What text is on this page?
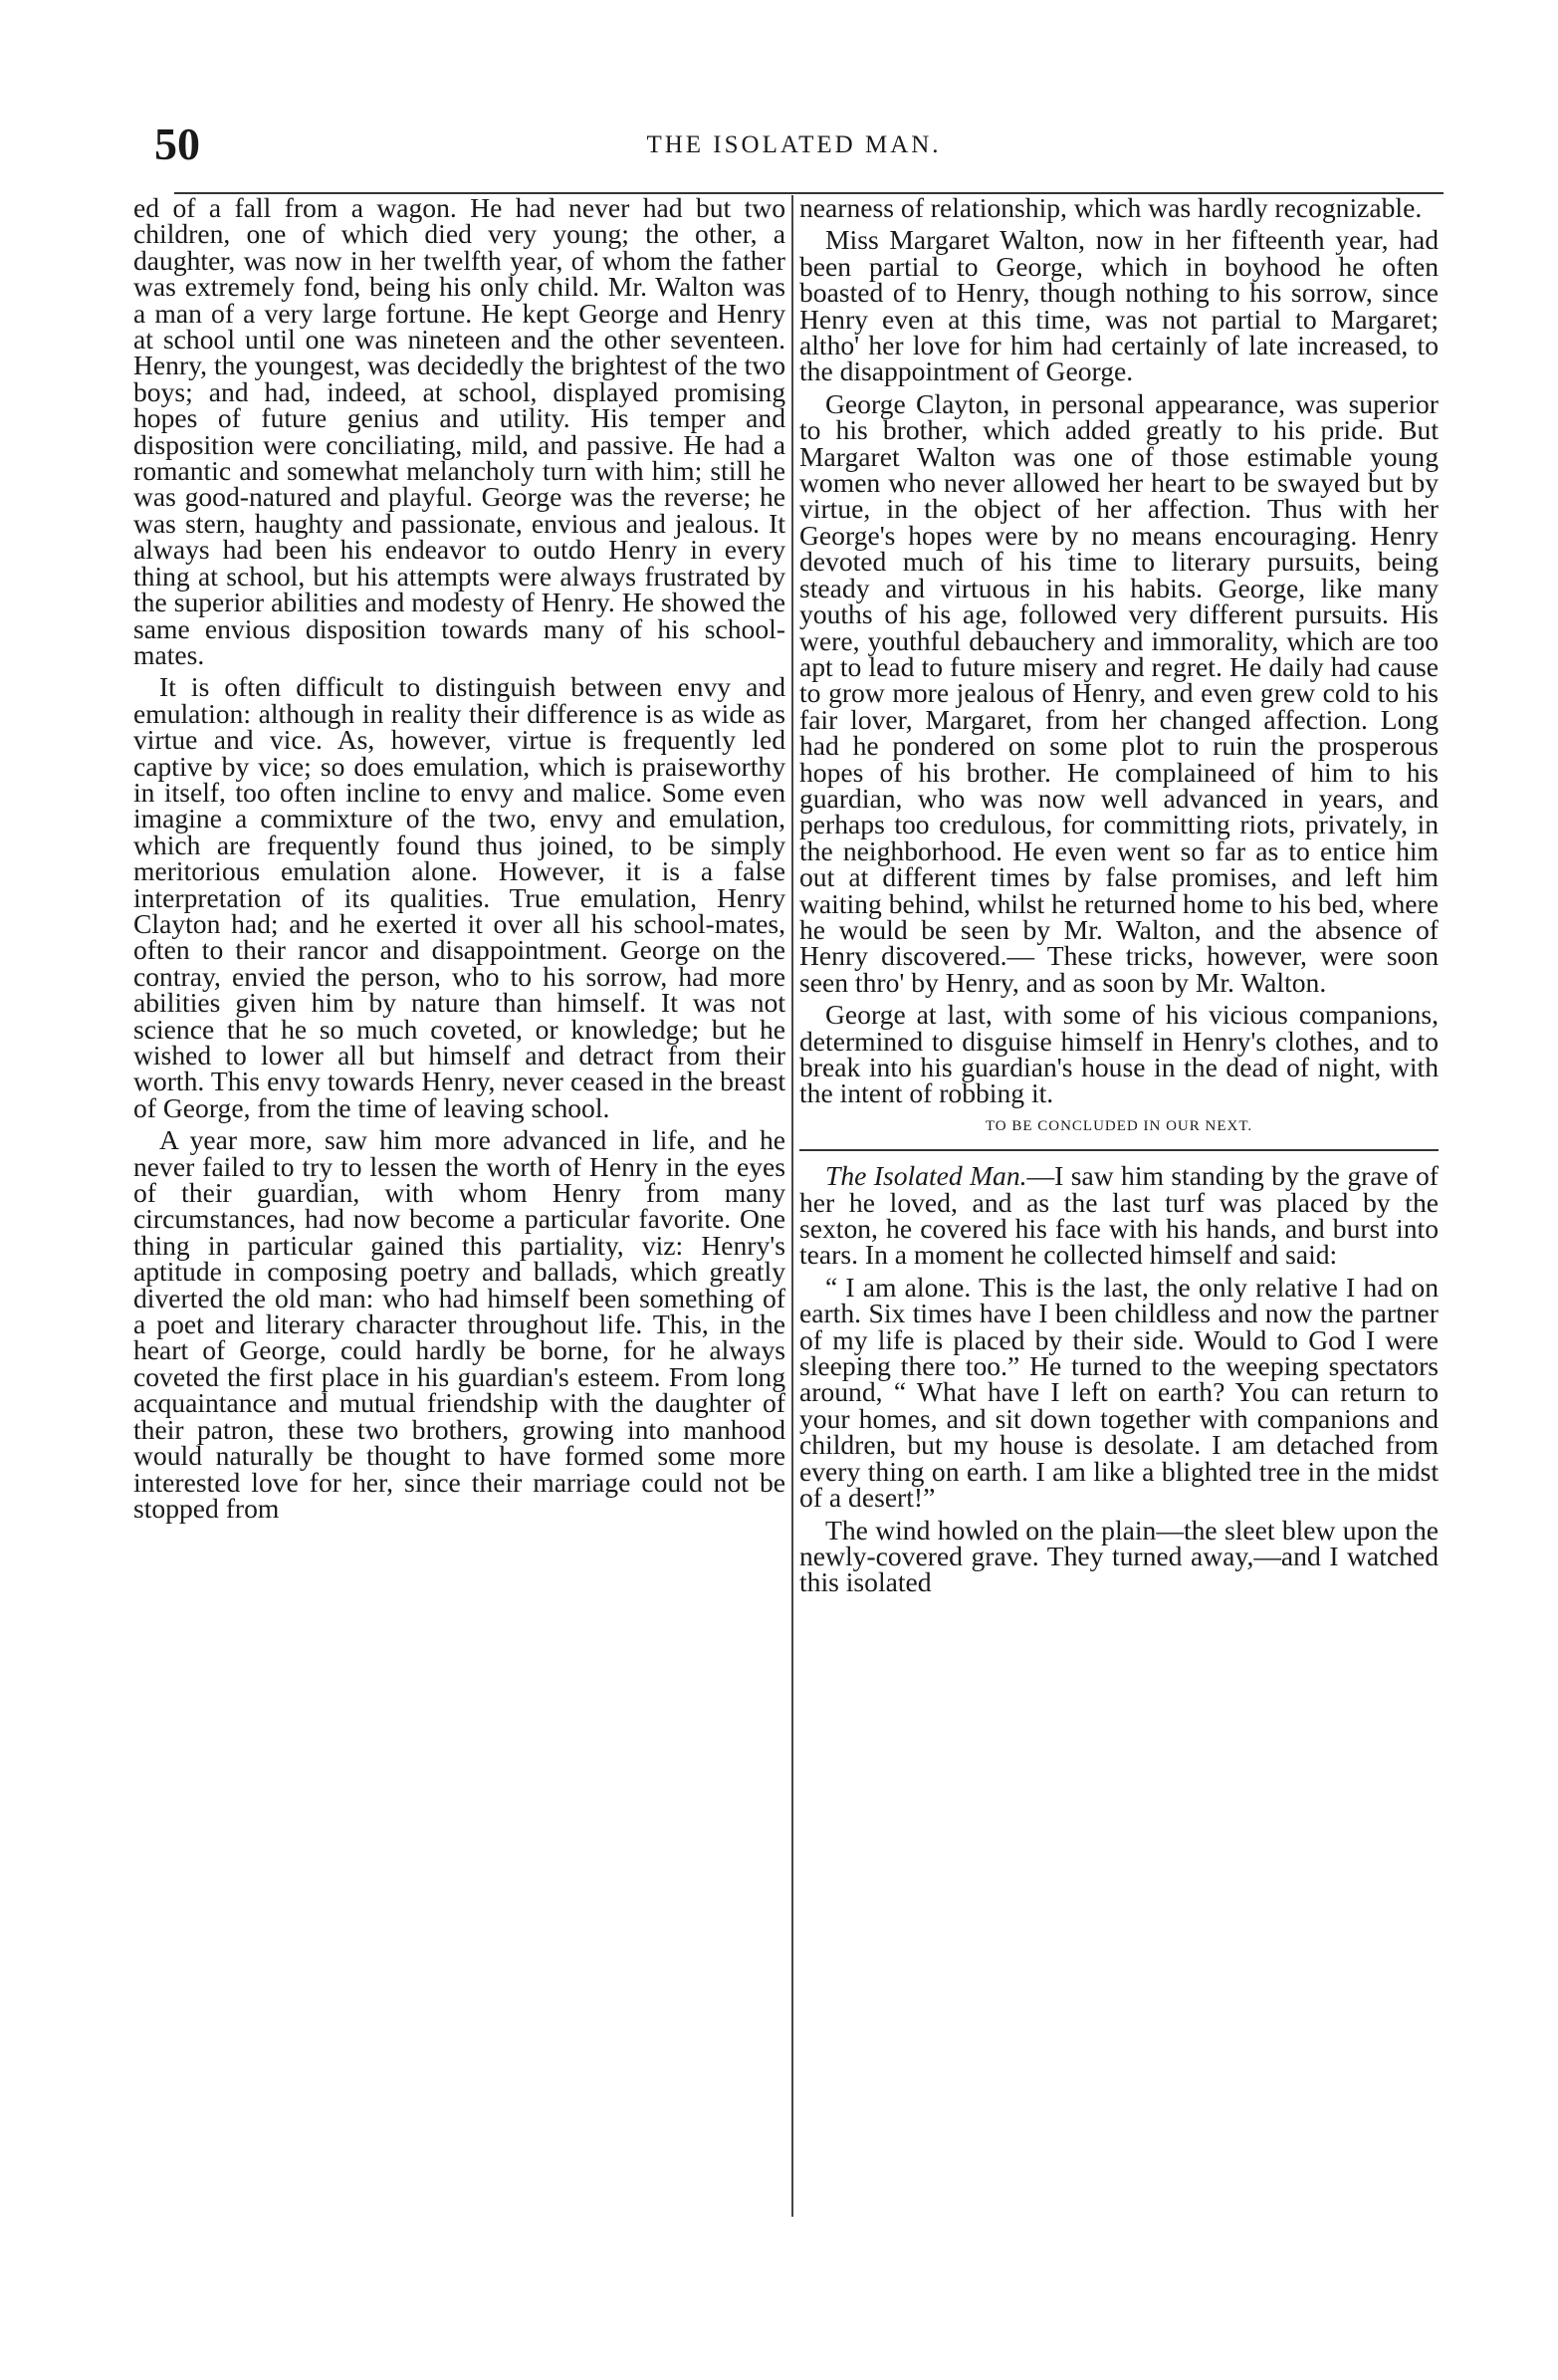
50	THE ISOLATED MAN.

ed of a fall from a wagon. He had never had but two children, one of which died very young; the other, a daughter, was now in her twelfth year, of whom the father was extremely fond, being his only child. Mr. Walton was a man of a very large fortune. He kept George and Henry at school until one was nineteen and the other seventeen. Henry, the youngest, was decidedly the brightest of the two boys; and had, indeed, at school, displayed promising hopes of future genius and utility. His temper and disposition were conciliating, mild, and passive. He had a romantic and somewhat melancholy turn with him; still he was good-natured and playful. George was the reverse; he was stern, haughty and passionate, envious and jealous. It always had been his endeavor to outdo Henry in every thing at school, but his attempts were always frustrated by the superior abilities and modesty of Henry. He showed the same envious disposition towards many of his school-mates.

It is often difficult to distinguish between envy and emulation: although in reality their difference is as wide as virtue and vice. As, however, virtue is frequently led captive by vice; so does emulation, which is praiseworthy in itself, too often incline to envy and malice. Some even imagine a commixture of the two, envy and emulation, which are frequently found thus joined, to be simply meritorious emulation alone. However, it is a false interpretation of its qualities. True emulation, Henry Clayton had; and he exerted it over all his school-mates, often to their rancor and disappointment. George on the contray, envied the person, who to his sorrow, had more abilities given him by nature than himself. It was not science that he so much coveted, or knowledge; but he wished to lower all but himself and detract from their worth. This envy towards Henry, never ceased in the breast of George, from the time of leaving school.

A year more, saw him more advanced in life, and he never failed to try to lessen the worth of Henry in the eyes of their guardian, with whom Henry from many circumstances, had now become a particular favorite. One thing in particular gained this partiality, viz: Henry's aptitude in composing poetry and ballads, which greatly diverted the old man: who had himself been something of a poet and literary character throughout life. This, in the heart of George, could hardly be borne, for he always coveted the first place in his guardian's esteem. From long acquaintance and mutual friendship with the daughter of their patron, these two brothers, growing into manhood would naturally be thought to have formed some more interested love for her, since their marriage could not be stopped from

nearness of relationship, which was hardly recognizable.

Miss Margaret Walton, now in her fifteenth year, had been partial to George, which in boyhood he often boasted of to Henry, though nothing to his sorrow, since Henry even at this time, was not partial to Margaret; altho' her love for him had certainly of late increased, to the disappointment of George.

George Clayton, in personal appearance, was superior to his brother, which added greatly to his pride. But Margaret Walton was one of those estimable young women who never allowed her heart to be swayed but by virtue, in the object of her affection. Thus with her George's hopes were by no means encouraging. Henry devoted much of his time to literary pursuits, being steady and virtuous in his habits. George, like many youths of his age, followed very different pursuits. His were, youthful debauchery and immorality, which are too apt to lead to future misery and regret. He daily had cause to grow more jealous of Henry, and even grew cold to his fair lover, Margaret, from her changed affection. Long had he pondered on some plot to ruin the prosperous hopes of his brother. He complaineed of him to his guardian, who was now well advanced in years, and perhaps too credulous, for committing riots, privately, in the neighborhood. He even went so far as to entice him out at different times by false promises, and left him waiting behind, whilst he returned home to his bed, where he would be seen by Mr. Walton, and the absence of Henry discovered.— These tricks, however, were soon seen thro' by Henry, and as soon by Mr. Walton.

George at last, with some of his vicious companions, determined to disguise himself in Henry's clothes, and to break into his guardian's house in the dead of night, with the intent of robbing it.

TO BE CONCLUDED IN OUR NEXT.

The Isolated Man.—I saw him standing by the grave of her he loved, and as the last turf was placed by the sexton, he covered his face with his hands, and burst into tears. In a moment he collected himself and said:

“ I am alone. This is the last, the only relative I had on earth. Six times have I been childless and now the partner of my life is placed by their side. Would to God I were sleeping there too.” He turned to the weeping spectators around, “ What have I left on earth? You can return to your homes, and sit down together with companions and children, but my house is desolate. I am detached from every thing on earth. I am like a blighted tree in the midst of a desert!”

The wind howled on the plain—the sleet blew upon the newly-covered grave. They turned away,—and I watched this isolated
